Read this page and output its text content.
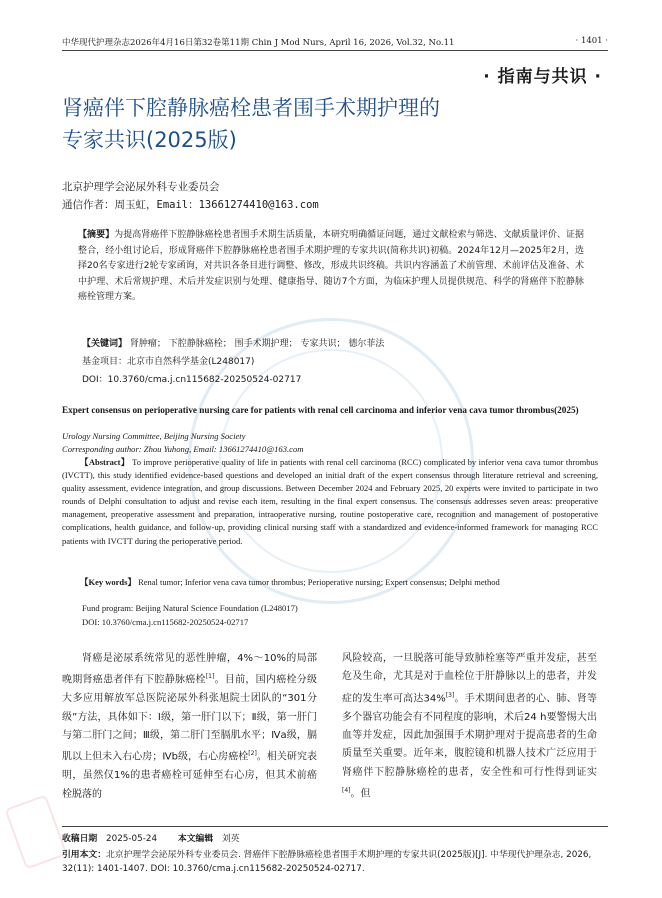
中华现代护理杂志2026年4月16日第32卷第11期 Chin J Mod Nurs, April 16, 2026, Vol.32, No.11	· 1401 ·
· 指南与共识 ·
肾癌伴下腔静脉癌栓患者围手术期护理的
专家共识(2025版)
北京护理学会泌尿外科专业委员会
通信作者：周玉虹，Email：13661274410@163.com
【摘要】为提高肾癌伴下腔静脉癌栓患者围手术期生活质量，本研究明确循证问题，通过文献检索与筛选、文献质量评价、证据整合，经小组讨论后，形成肾癌伴下腔静脉癌栓患者围手术期护理的专家共识(简称共识)初稿。2024年12月—2025年2月，选择20名专家进行2轮专家函询，对共识各条目进行调整、修改，形成共识终稿。共识内容涵盖了术前管理、术前评估及准备、术中护理、术后常规护理、术后并发症识别与处理、健康指导、随访7个方面，为临床护理人员提供规范、科学的肾癌伴下腔静脉癌栓管理方案。
【关键词】 肾肿瘤； 下腔静脉癌栓； 围手术期护理； 专家共识； 德尔菲法
基金项目：北京市自然科学基金(L248017)
DOI：10.3760/cma.j.cn115682-20250524-02717
Expert consensus on perioperative nursing care for patients with renal cell carcinoma and inferior vena cava tumor thrombus(2025)
Urology Nursing Committee, Beijing Nursing Society
Corresponding author: Zhou Yuhong, Email: 13661274410@163.com
【Abstract】 To improve perioperative quality of life in patients with renal cell carcinoma (RCC) complicated by inferior vena cava tumor thrombus (IVCTT), this study identified evidence-based questions and developed an initial draft of the expert consensus through literature retrieval and screening, quality assessment, evidence integration, and group discussions. Between December 2024 and February 2025, 20 experts were invited to participate in two rounds of Delphi consultation to adjust and revise each item, resulting in the final expert consensus. The consensus addresses seven areas: preoperative management, preoperative assessment and preparation, intraoperative nursing, routine postoperative care, recognition and management of postoperative complications, health guidance, and follow-up, providing clinical nursing staff with a standardized and evidence-informed framework for managing RCC patients with IVCTT during the perioperative period.
【Key words】 Renal tumor; Inferior vena cava tumor thrombus; Perioperative nursing; Expert consensus; Delphi method
Fund program: Beijing Natural Science Foundation (L248017)
DOI: 10.3760/cma.j.cn115682-20250524-02717
肾癌是泌尿系统常见的恶性肿瘤，4%～10%的局部晚期肾癌患者伴有下腔静脉癌栓[1]。目前，国内癌栓分级大多应用解放军总医院泌尿外科张旭院士团队的“301分级”方法，具体如下：Ⅰ级，第一肝门以下；Ⅱ级，第一肝门与第二肝门之间；Ⅲ级，第二肝门至膈肌水平；Ⅳa级，膈肌以上但未入右心房；Ⅳb级，右心房癌栓[2]。相关研究表明，虽然仅1%的患者癌栓可延伸至右心房，但其术前癌栓脱落的
风险较高，一旦脱落可能导致肺栓塞等严重并发症，甚至危及生命，尤其是对于血栓位于肝静脉以上的患者，并发症的发生率可高达34%[3]。手术期间患者的心、肺、肾等多个器官功能会有不同程度的影响，术后24 h要警惕大出血等并发症，因此加强围手术期护理对于提高患者的生命质量至关重要。近年来，腹腔镜和机器人技术广泛应用于肾癌伴下腔静脉癌栓的患者，安全性和可行性得到证实[4]。但
收稿日期 2025-05-24 本文编辑 刘英
引用本文：北京护理学会泌尿外科专业委员会. 肾癌伴下腔静脉癌栓患者围手术期护理的专家共识(2025版)[J]. 中华现代护理杂志, 2026, 32(11): 1401-1407. DOI: 10.3760/cma.j.cn115682-20250524-02717.
